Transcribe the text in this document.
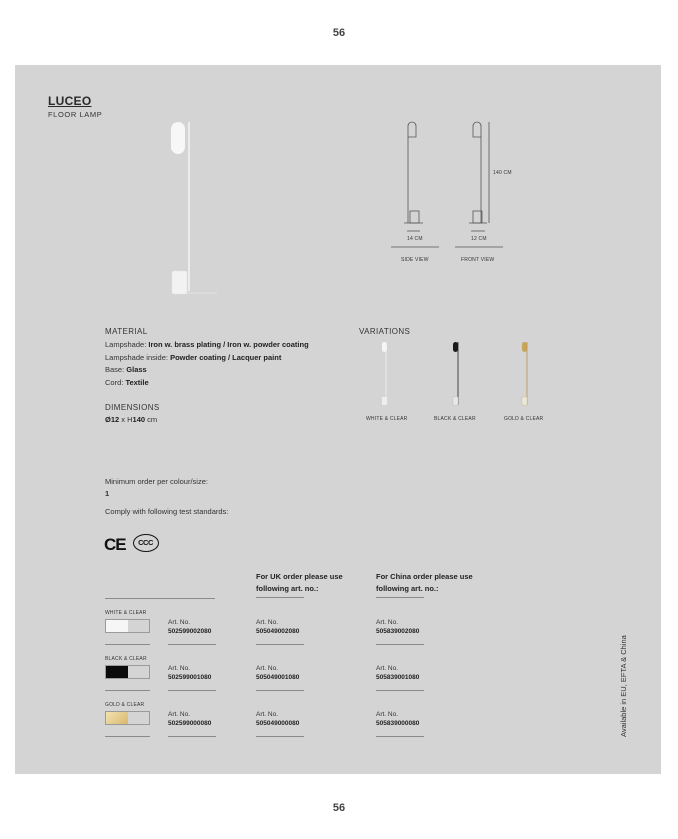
56
LUCEO
FLOOR LAMP
140 CM
14 CM	12 CM
SIDE VIEW	FRONT VIEW
MATERIAL
Lampshade: Iron w. brass plating / Iron w. powder coating
Lampshade inside: Powder coating / Lacquer paint
Base: Glass
Cord: Textile
DIMENSIONS
Ø12 x H140 cm
VARIATIONS
WHITE & CLEAR	BLACK & CLEAR	GOLD & CLEAR
Minimum order per colour/size:
1
Comply with following test standards:
CE	CCC
For UK order please use
following art. no.:
For China order please use
following art. no.:
WHITE & CLEAR
Art. No.
502599002080
Art. No.
505049002080
Art. No.
505839002080
BLACK & CLEAR
Art. No.
502599001080
Art. No.
505049001080
Art. No.
505839001080
GOLD & CLEAR
Art. No.
502599000080
Art. No.
505049000080
Art. No.
505839000080	Available in EU, EFTA & China
56
